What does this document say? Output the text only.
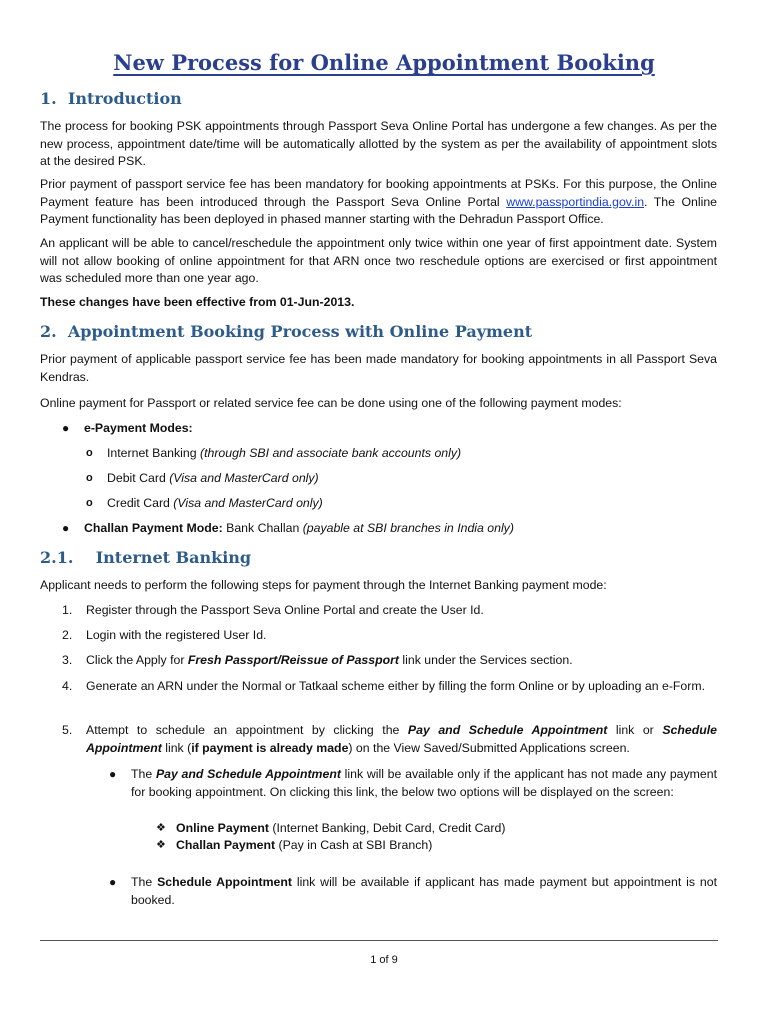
New Process for Online Appointment Booking
1. Introduction

The process for booking PSK appointments through Passport Seva Online Portal has undergone a few changes. As per the new process, appointment date/time will be automatically allotted by the system as per the availability of appointment slots at the desired PSK.

Prior payment of passport service fee has been mandatory for booking appointments at PSKs. For this purpose, the Online Payment feature has been introduced through the Passport Seva Online Portal www.passportindia.gov.in. The Online Payment functionality has been deployed in phased manner starting with the Dehradun Passport Office.

An applicant will be able to cancel/reschedule the appointment only twice within one year of first appointment date. System will not allow booking of online appointment for that ARN once two reschedule options are exercised or first appointment was scheduled more than one year ago.

These changes have been effective from 01-Jun-2013.

2. Appointment Booking Process with Online Payment

Prior payment of applicable passport service fee has been made mandatory for booking appointments in all Passport Seva Kendras.

Online payment for Passport or related service fee can be done using one of the following payment modes:

● e-Payment Modes:
o Internet Banking (through SBI and associate bank accounts only)
o Debit Card (Visa and MasterCard only)
o Credit Card (Visa and MasterCard only)
● Challan Payment Mode: Bank Challan (payable at SBI branches in India only)
2.1. Internet Banking

Applicant needs to perform the following steps for payment through the Internet Banking payment mode:

1. Register through the Passport Seva Online Portal and create the User Id.

2. Login with the registered User Id.

3. Click the Apply for Fresh Passport/Reissue of Passport link under the Services section.

4. Generate an ARN under the Normal or Tatkaal scheme either by filling the form Online or by uploading an e-Form.

5. Attempt to schedule an appointment by clicking the Pay and Schedule Appointment link or Schedule Appointment link (if payment is already made) on the View Saved/Submitted Applications screen.

● The Pay and Schedule Appointment link will be available only if the applicant has not made any payment for booking appointment. On clicking this link, the below two options will be displayed on the screen:

❖ Online Payment (Internet Banking, Debit Card, Credit Card)
❖ Challan Payment (Pay in Cash at SBI Branch)
● The Schedule Appointment link will be available if applicant has made payment but appointment is not booked.

1 of 9
